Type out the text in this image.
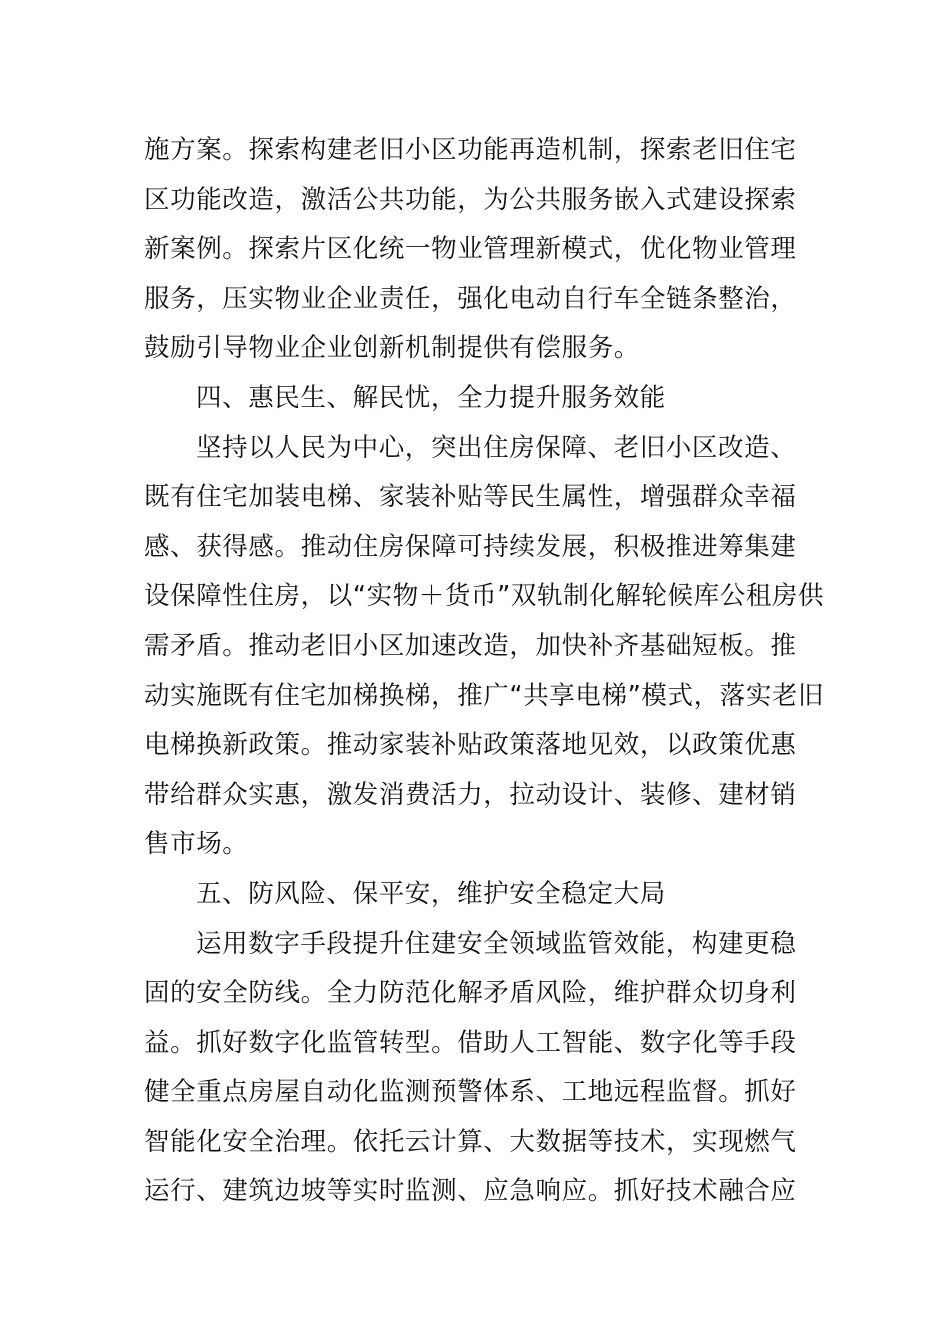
施方案。探索构建老旧小区功能再造机制，探索老旧住宅
区功能改造，激活公共功能，为公共服务嵌入式建设探索
新案例。探索片区化统一物业管理新模式，优化物业管理
服务，压实物业企业责任，强化电动自行车全链条整治，
鼓励引导物业企业创新机制提供有偿服务。
四、惠民生、解民忧，全力提升服务效能
坚持以人民为中心，突出住房保障、老旧小区改造、
既有住宅加装电梯、家装补贴等民生属性，增强群众幸福
感、获得感。推动住房保障可持续发展，积极推进筹集建
设保障性住房，以“实物＋货币”双轨制化解轮候库公租房供
需矛盾。推动老旧小区加速改造，加快补齐基础短板。推
动实施既有住宅加梯换梯，推广“共享电梯”模式，落实老旧
电梯换新政策。推动家装补贴政策落地见效，以政策优惠
带给群众实惠，激发消费活力，拉动设计、装修、建材销
售市场。
五、防风险、保平安，维护安全稳定大局
运用数字手段提升住建安全领域监管效能，构建更稳
固的安全防线。全力防范化解矛盾风险，维护群众切身利
益。抓好数字化监管转型。借助人工智能、数字化等手段
健全重点房屋自动化监测预警体系、工地远程监督。抓好
智能化安全治理。依托云计算、大数据等技术，实现燃气
运行、建筑边坡等实时监测、应急响应。抓好技术融合应
